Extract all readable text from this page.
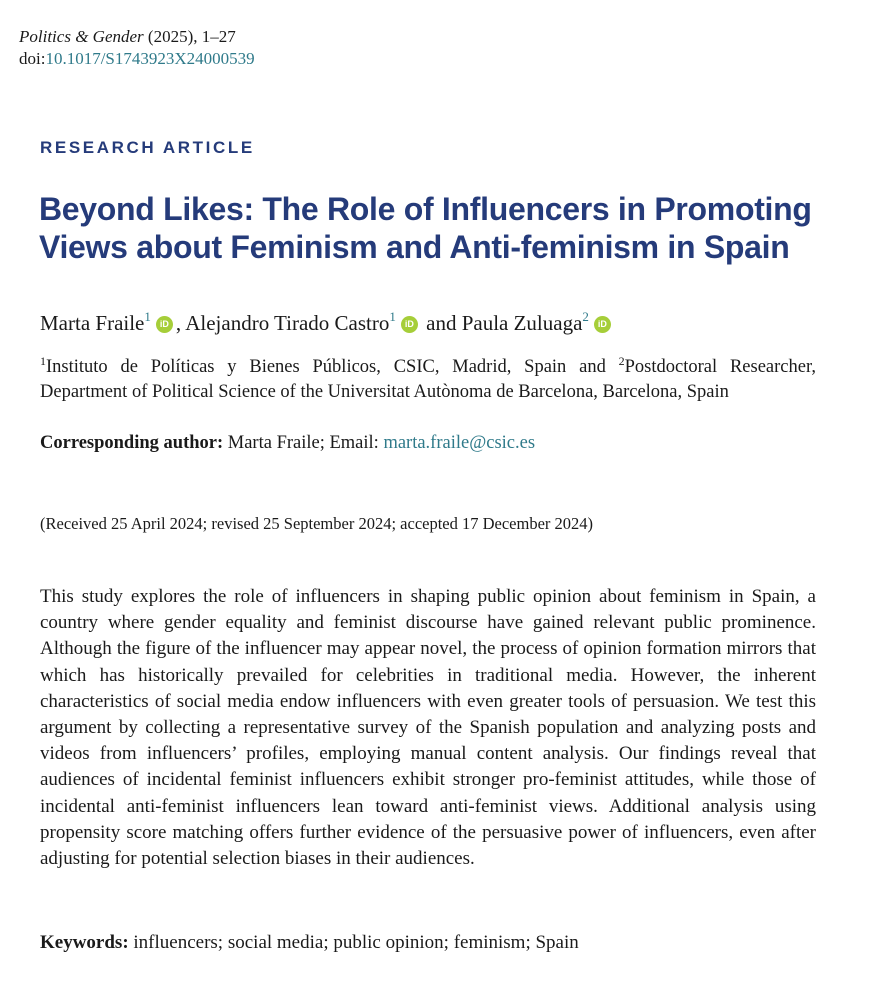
Politics & Gender (2025), 1–27
doi:10.1017/S1743923X24000539
RESEARCH ARTICLE
Beyond Likes: The Role of Influencers in Promoting Views about Feminism and Anti-feminism in Spain
Marta Fraile$^1$ iD , Alejandro Tirado Castro$^1$ iD and Paula Zuluaga$^2$ iD
$^1$Instituto de Políticas y Bienes Públicos, CSIC, Madrid, Spain and $^2$Postdoctoral Researcher, Department of Political Science of the Universitat Autònoma de Barcelona, Barcelona, Spain
Corresponding author: Marta Fraile; Email: marta.fraile@csic.es
(Received 25 April 2024; revised 25 September 2024; accepted 17 December 2024)
This study explores the role of influencers in shaping public opinion about feminism in Spain, a country where gender equality and feminist discourse have gained relevant public prominence. Although the figure of the influencer may appear novel, the process of opinion formation mirrors that which has historically prevailed for celebrities in traditional media. However, the inherent characteristics of social media endow influencers with even greater tools of persuasion. We test this argument by collecting a representative survey of the Spanish population and analyzing posts and videos from influencers’ profiles, employing manual content analysis. Our findings reveal that audiences of incidental feminist influencers exhibit stronger pro-feminist attitudes, while those of incidental anti-feminist influencers lean toward anti-feminist views. Additional analysis using propensity score matching offers further evidence of the persuasive power of influencers, even after adjusting for potential selection biases in their audiences.
Keywords: influencers; social media; public opinion; feminism; Spain
